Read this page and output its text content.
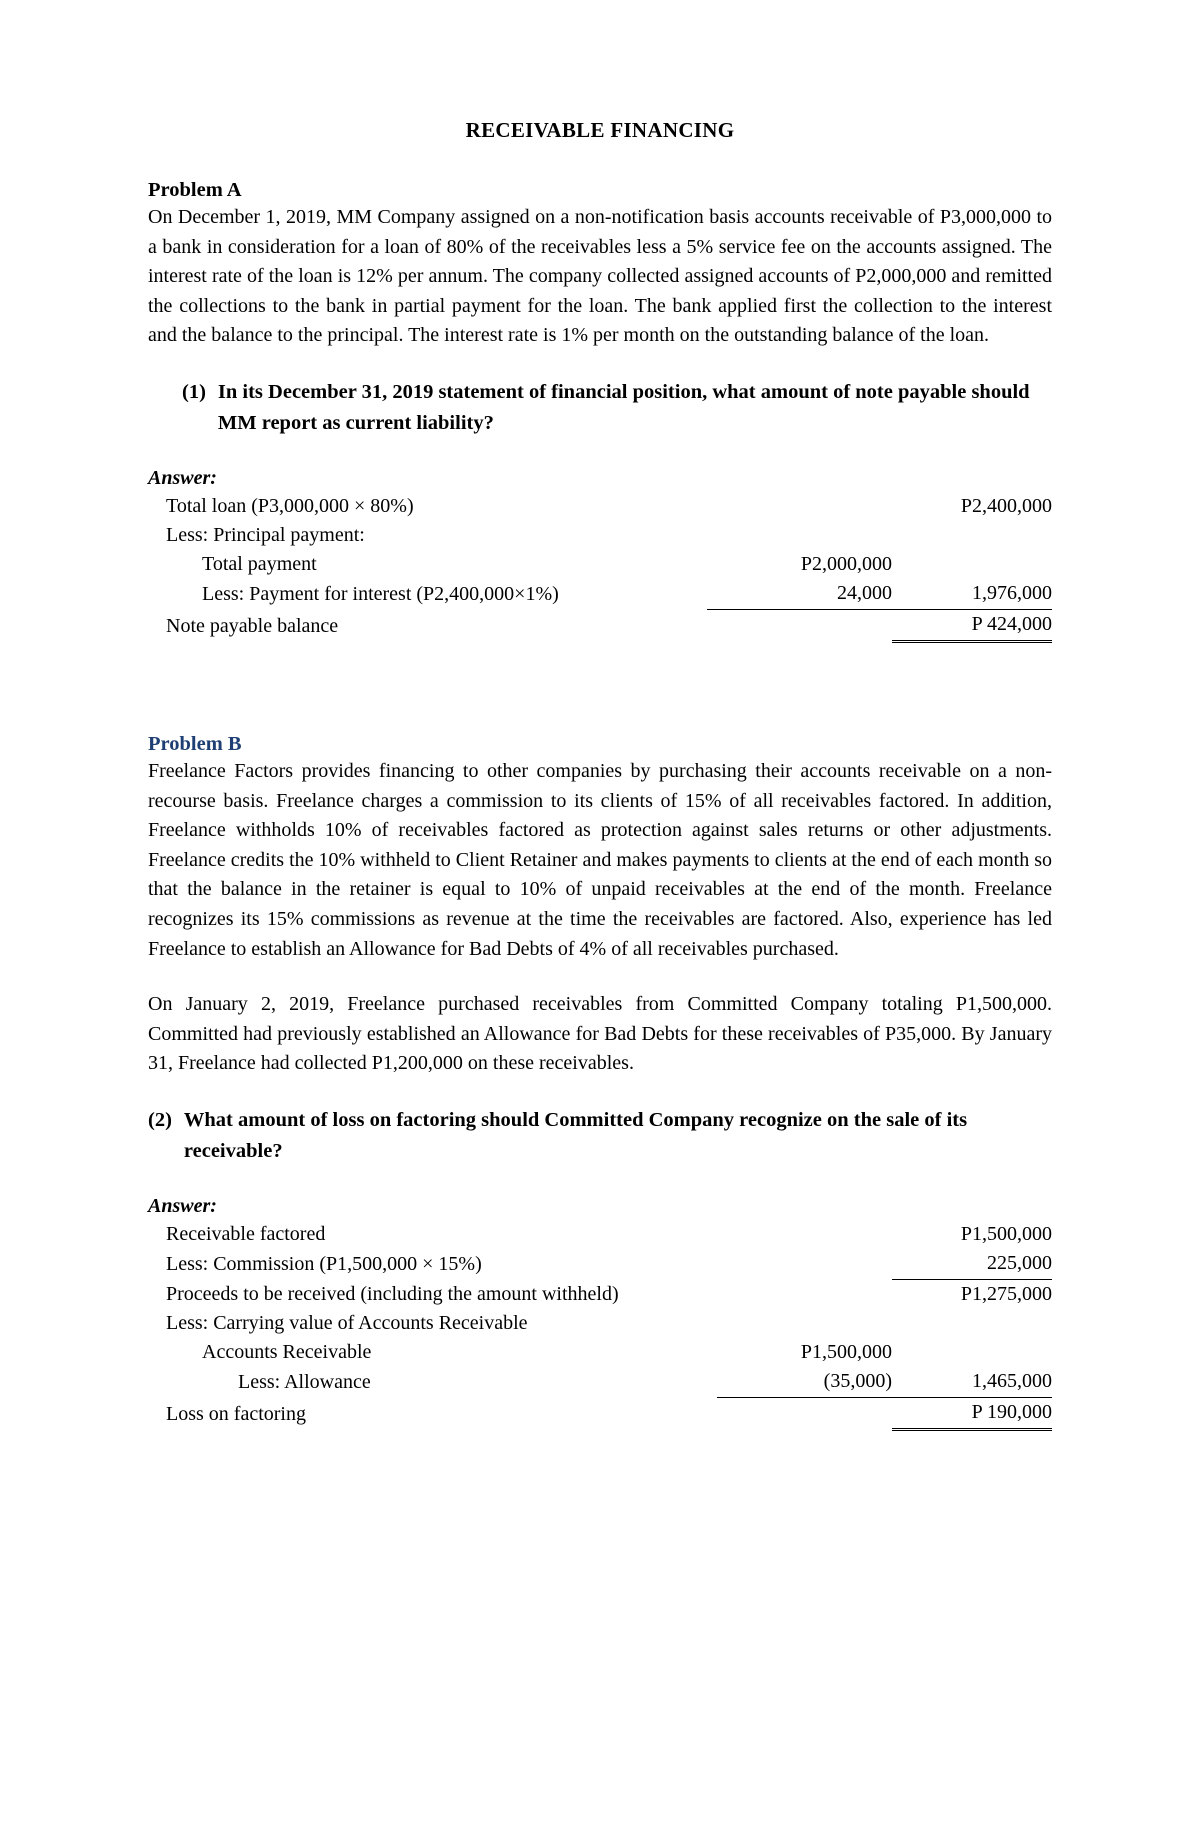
RECEIVABLE FINANCING
Problem A

On December 1, 2019, MM Company assigned on a non-notification basis accounts receivable of P3,000,000 to a bank in consideration for a loan of 80% of the receivables less a 5% service fee on the accounts assigned. The interest rate of the loan is 12% per annum. The company collected assigned accounts of P2,000,000 and remitted the collections to the bank in partial payment for the loan. The bank applied first the collection to the interest and the balance to the principal. The interest rate is 1% per month on the outstanding balance of the loan.

(1) In its December 31, 2019 statement of financial position, what amount of note payable should MM report as current liability?
Answer:
Total loan (P3,000,000 × 80%)		P2,400,000
Less: Principal payment:		
Total payment	P2,000,000	
Less: Payment for interest (P2,400,000×1%)	24,000	1,976,000
Note payable balance		P 424,000
Problem B

Freelance Factors provides financing to other companies by purchasing their accounts receivable on a non-recourse basis. Freelance charges a commission to its clients of 15% of all receivables factored. In addition, Freelance withholds 10% of receivables factored as protection against sales returns or other adjustments. Freelance credits the 10% withheld to Client Retainer and makes payments to clients at the end of each month so that the balance in the retainer is equal to 10% of unpaid receivables at the end of the month. Freelance recognizes its 15% commissions as revenue at the time the receivables are factored. Also, experience has led Freelance to establish an Allowance for Bad Debts of 4% of all receivables purchased.

On January 2, 2019, Freelance purchased receivables from Committed Company totaling P1,500,000. Committed had previously established an Allowance for Bad Debts for these receivables of P35,000. By January 31, Freelance had collected P1,200,000 on these receivables.

(2) What amount of loss on factoring should Committed Company recognize on the sale of its receivable?
Answer:
Receivable factored		P1,500,000
Less: Commission (P1,500,000 × 15%)		225,000
Proceeds to be received (including the amount withheld)		P1,275,000
Less: Carrying value of Accounts Receivable		
Accounts Receivable	P1,500,000	
Less: Allowance	(35,000)	1,465,000
Loss on factoring		P 190,000
